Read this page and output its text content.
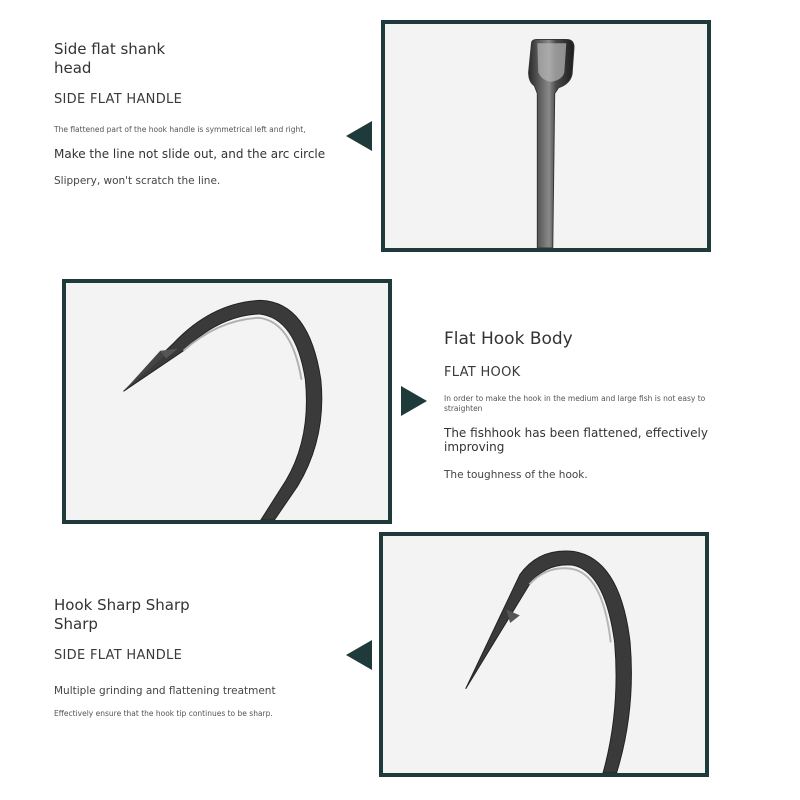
Side flat shank
head

SIDE FLAT HANDLE

The flattened part of the hook handle is symmetrical left and right,

Make the line not slide out, and the arc circle

Slippery, won't scratch the line.

Flat Hook Body

FLAT HOOK

In order to make the hook in the medium and large fish is not easy to straighten

The fishhook has been flattened, effectively improving

The toughness of the hook.

Hook Sharp Sharp
Sharp

SIDE FLAT HANDLE

Multiple grinding and flattening treatment

Effectively ensure that the hook tip continues to be sharp.
